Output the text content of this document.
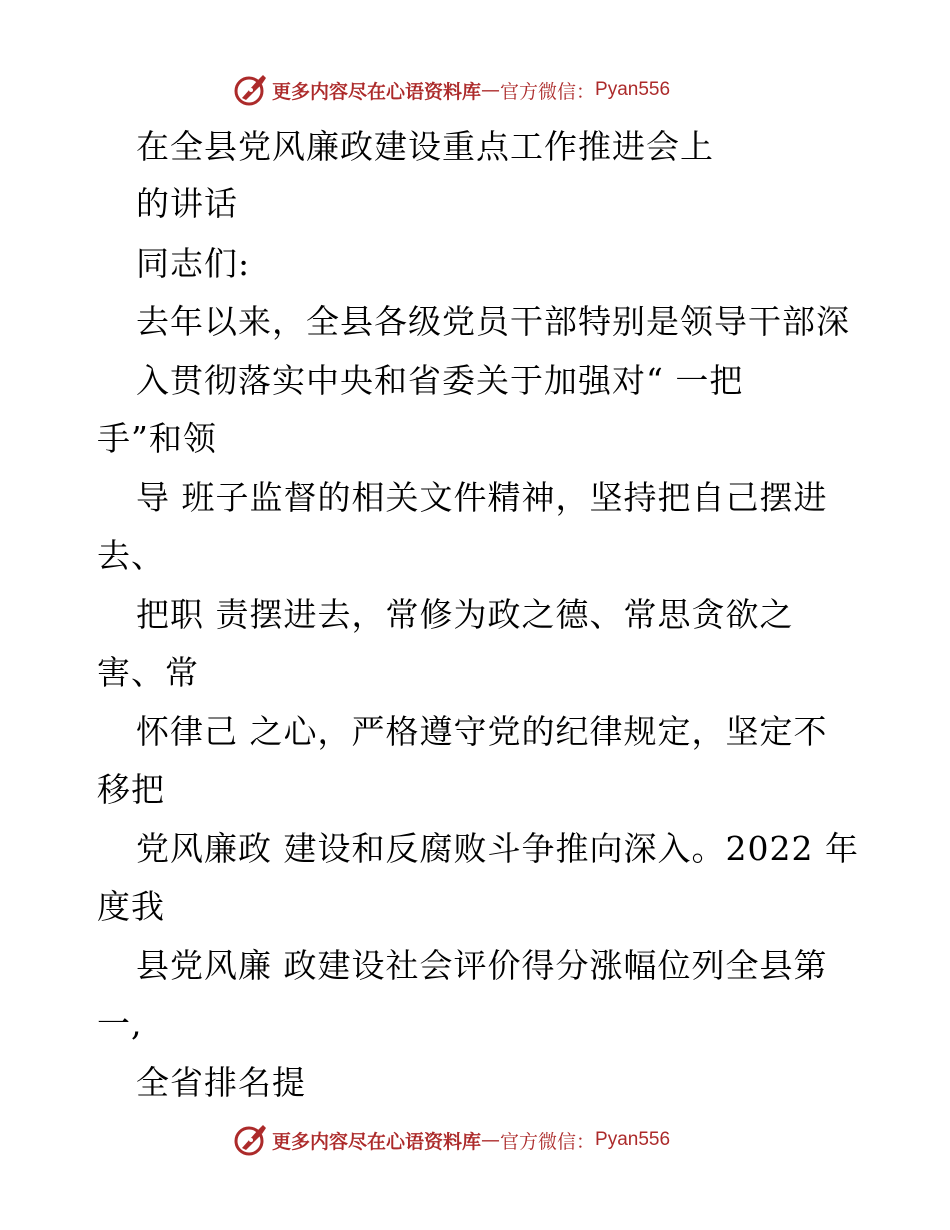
更多内容尽在心语资料库 — 官方微信： Pyan556
在全县党风廉政建设重点工作推进会上
的讲话
同志们:
去年以来，全县各级党员干部特别是领导干部深
入贯彻落实中央和省委关于加强对“ 一把
手”和领
导 班子监督的相关文件精神，坚持把自己摆进
去、
把职 责摆进去，常修为政之德、常思贪欲之
害、常
怀律己 之心，严格遵守党的纪律规定，坚定不
移把
党风廉政 建设和反腐败斗争推向深入。2022 年
度我
县党风廉 政建设社会评价得分涨幅位列全县第
一,
全省排名提
更多内容尽在心语资料库 — 官方微信： Pyan556
